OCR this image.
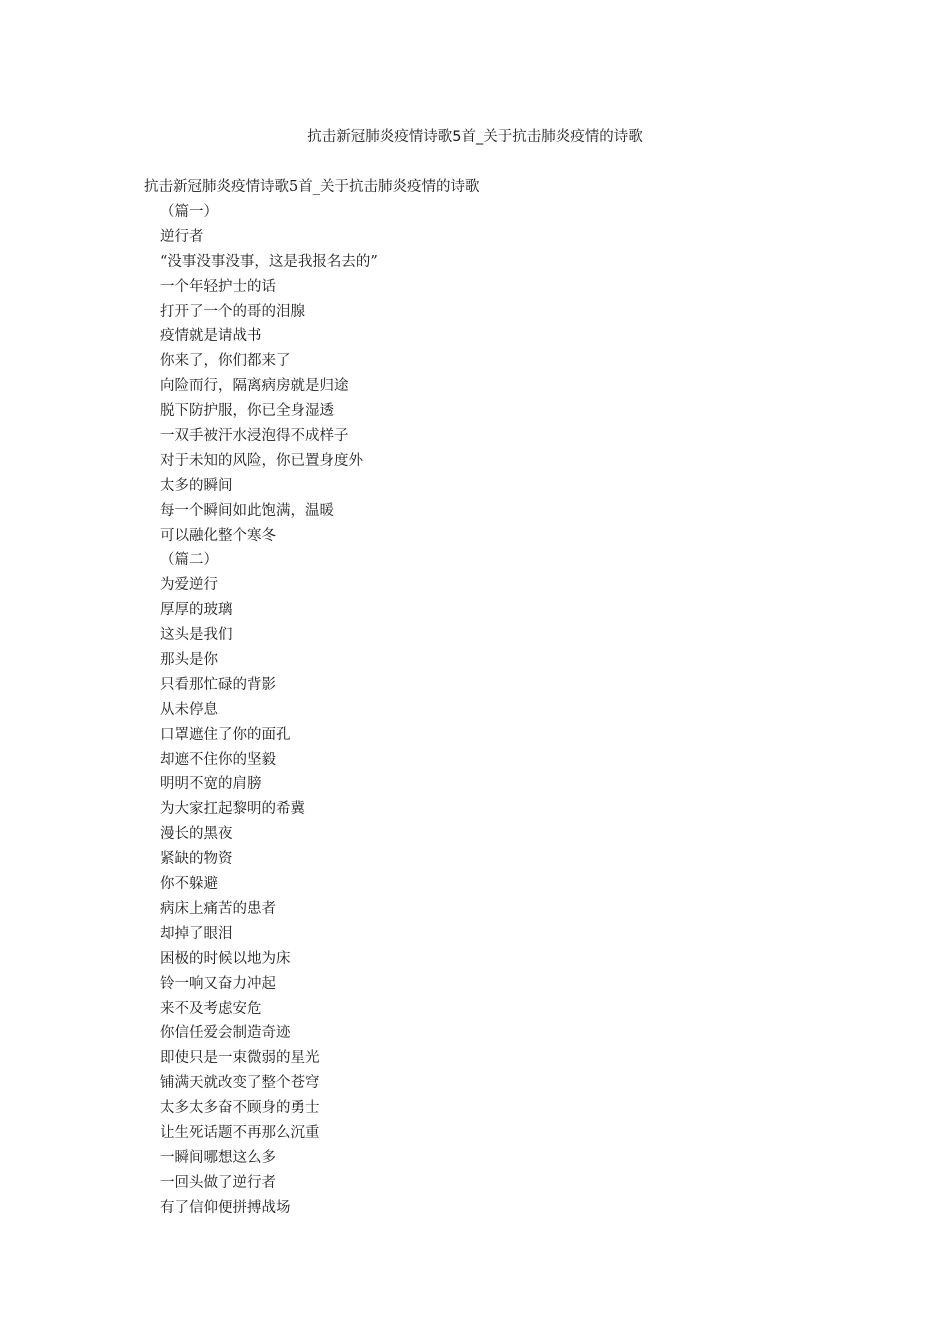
抗击新冠肺炎疫情诗歌5首_关于抗击肺炎疫情的诗歌

抗击新冠肺炎疫情诗歌5首_关于抗击肺炎疫情的诗歌

（篇一）
逆行者
“没事没事没事，这是我报名去的”
一个年轻护士的话
打开了一个的哥的泪腺
疫情就是请战书
你来了，你们都来了
向险而行，隔离病房就是归途
脱下防护服，你已全身湿透
一双手被汗水浸泡得不成样子
对于未知的风险，你已置身度外
太多的瞬间
每一个瞬间如此饱满，温暖
可以融化整个寒冬
（篇二）
为爱逆行
厚厚的玻璃
这头是我们
那头是你
只看那忙碌的背影
从未停息
口罩遮住了你的面孔
却遮不住你的坚毅
明明不宽的肩膀
为大家扛起黎明的希冀
漫长的黑夜
紧缺的物资
你不躲避
病床上痛苦的患者
却掉了眼泪
困极的时候以地为床
铃一响又奋力冲起
来不及考虑安危
你信任爱会制造奇迹
即使只是一束微弱的星光
铺满天就改变了整个苍穹
太多太多奋不顾身的勇士
让生死话题不再那么沉重
一瞬间哪想这么多
一回头做了逆行者
有了信仰便拼搏战场
